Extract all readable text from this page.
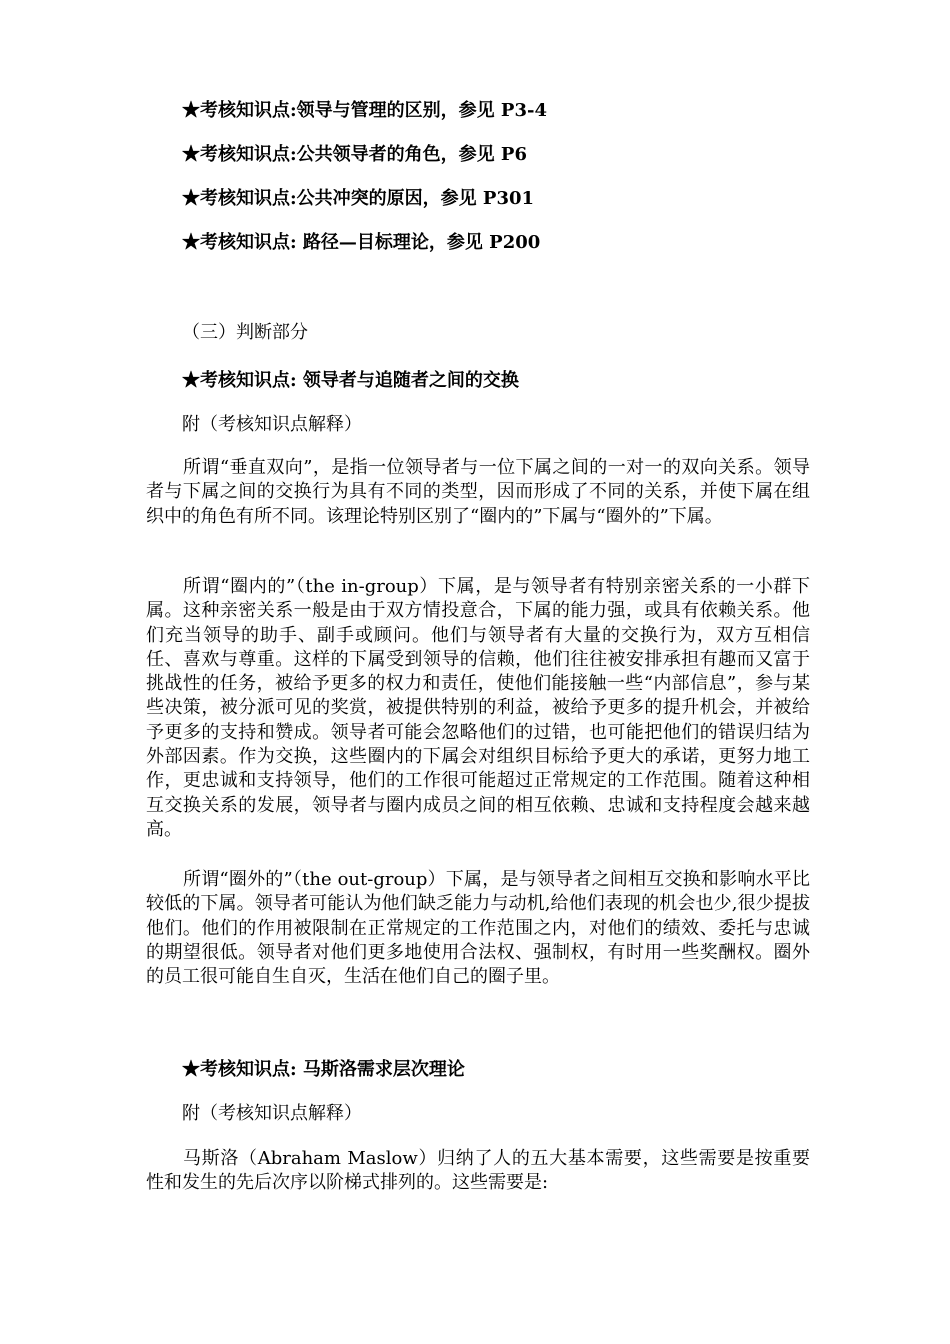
★考核知识点:领导与管理的区别，参见 P3-4
★考核知识点:公共领导者的角色，参见 P6
★考核知识点:公共冲突的原因，参见 P301
★考核知识点: 路径—目标理论，参见 P200
（三）判断部分
★考核知识点: 领导者与追随者之间的交换
附（考核知识点解释）

所谓“垂直双向”，是指一位领导者与一位下属之间的一对一的双向关系。领导者与下属之间的交换行为具有不同的类型，因而形成了不同的关系，并使下属在组织中的角色有所不同。该理论特别区别了“圈内的”下属与“圈外的”下属。

所谓“圈内的”（the in-group）下属，是与领导者有特别亲密关系的一小群下属。这种亲密关系一般是由于双方情投意合，下属的能力强，或具有依赖关系。他们充当领导的助手、副手或顾问。他们与领导者有大量的交换行为，双方互相信任、喜欢与尊重。这样的下属受到领导的信赖，他们往往被安排承担有趣而又富于挑战性的任务，被给予更多的权力和责任，使他们能接触一些“内部信息”，参与某些决策，被分派可见的奖赏，被提供特别的利益，被给予更多的提升机会，并被给予更多的支持和赞成。领导者可能会忽略他们的过错，也可能把他们的错误归结为外部因素。作为交换，这些圈内的下属会对组织目标给予更大的承诺，更努力地工作，更忠诚和支持领导，他们的工作很可能超过正常规定的工作范围。随着这种相互交换关系的发展，领导者与圈内成员之间的相互依赖、忠诚和支持程度会越来越高。

所谓“圈外的”（the out-group）下属，是与领导者之间相互交换和影响水平比较低的下属。领导者可能认为他们缺乏能力与动机,给他们表现的机会也少,很少提拔他们。他们的作用被限制在正常规定的工作范围之内，对他们的绩效、委托与忠诚的期望很低。领导者对他们更多地使用合法权、强制权，有时用一些奖酬权。圈外的员工很可能自生自灭，生活在他们自己的圈子里。

★考核知识点: 马斯洛需求层次理论
附（考核知识点解释）

马斯洛（Abraham Maslow）归纳了人的五大基本需要，这些需要是按重要性和发生的先后次序以阶梯式排列的。这些需要是:
